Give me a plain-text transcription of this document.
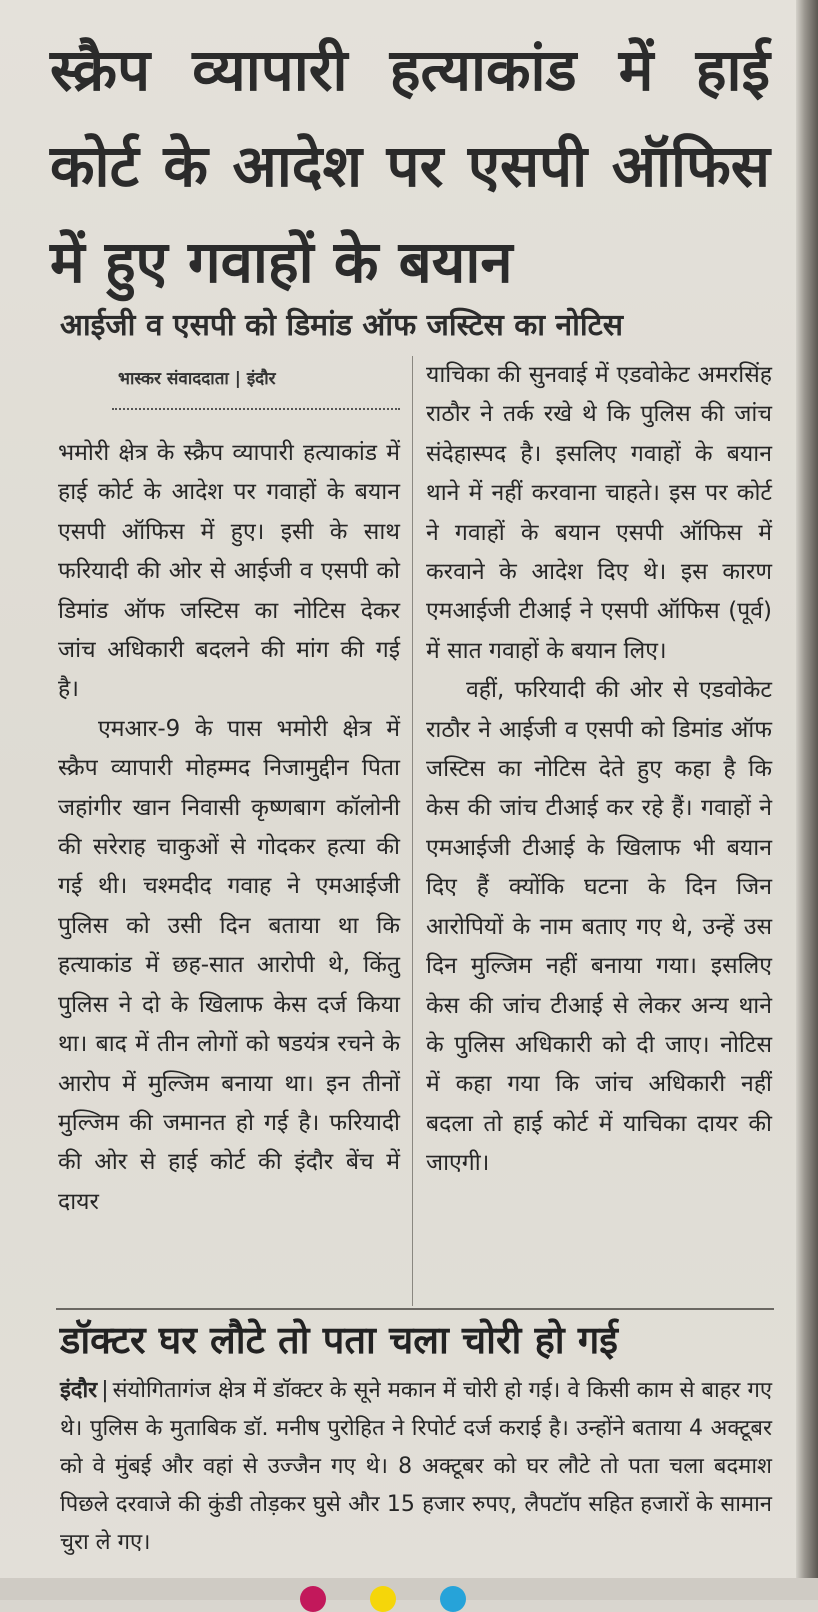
स्क्रैप व्यापारी हत्याकांड में हाई कोर्ट के आदेश पर एसपी ऑफिस में हुए गवाहों के बयान
आईजी व एसपी को डिमांड ऑफ जस्टिस का नोटिस
भास्कर संवाददाता | इंदौर

भमोरी क्षेत्र के स्क्रैप व्यापारी हत्याकांड में हाई कोर्ट के आदेश पर गवाहों के बयान एसपी ऑफिस में हुए। इसी के साथ फरियादी की ओर से आईजी व एसपी को डिमांड ऑफ जस्टिस का नोटिस देकर जांच अधिकारी बदलने की मांग की गई है।

एमआर-9 के पास भमोरी क्षेत्र में स्क्रैप व्यापारी मोहम्मद निजामुद्दीन पिता जहांगीर खान निवासी कृष्णबाग कॉलोनी की सरेराह चाकुओं से गोदकर हत्या की गई थी। चश्मदीद गवाह ने एमआईजी पुलिस को उसी दिन बताया था कि हत्याकांड में छह-सात आरोपी थे, किंतु पुलिस ने दो के खिलाफ केस दर्ज किया था। बाद में तीन लोगों को षडयंत्र रचने के आरोप में मुल्जिम बनाया था। इन तीनों मुल्जिम की जमानत हो गई है। फरियादी की ओर से हाई कोर्ट की इंदौर बेंच में दायर

याचिका की सुनवाई में एडवोकेट अमरसिंह राठौर ने तर्क रखे थे कि पुलिस की जांच संदेहास्पद है। इसलिए गवाहों के बयान थाने में नहीं करवाना चाहते। इस पर कोर्ट ने गवाहों के बयान एसपी ऑफिस में करवाने के आदेश दिए थे। इस कारण एमआईजी टीआई ने एसपी ऑफिस (पूर्व) में सात गवाहों के बयान लिए।

वहीं, फरियादी की ओर से एडवोकेट राठौर ने आईजी व एसपी को डिमांड ऑफ जस्टिस का नोटिस देते हुए कहा है कि केस की जांच टीआई कर रहे हैं। गवाहों ने एमआईजी टीआई के खिलाफ भी बयान दिए हैं क्योंकि घटना के दिन जिन आरोपियों के नाम बताए गए थे, उन्हें उस दिन मुल्जिम नहीं बनाया गया। इसलिए केस की जांच टीआई से लेकर अन्य थाने के पुलिस अधिकारी को दी जाए। नोटिस में कहा गया कि जांच अधिकारी नहीं बदला तो हाई कोर्ट में याचिका दायर की जाएगी।

डॉक्टर घर लौटे तो पता चला चोरी हो गई
इंदौर | संयोगितागंज क्षेत्र में डॉक्टर के सूने मकान में चोरी हो गई। वे किसी काम से बाहर गए थे। पुलिस के मुताबिक डॉ. मनीष पुरोहित ने रिपोर्ट दर्ज कराई है। उन्होंने बताया 4 अक्टूबर को वे मुंबई और वहां से उज्जैन गए थे। 8 अक्टूबर को घर लौटे तो पता चला बदमाश पिछले दरवाजे की कुंडी तोड़कर घुसे और 15 हजार रुपए, लैपटॉप सहित हजारों के सामान चुरा ले गए।
